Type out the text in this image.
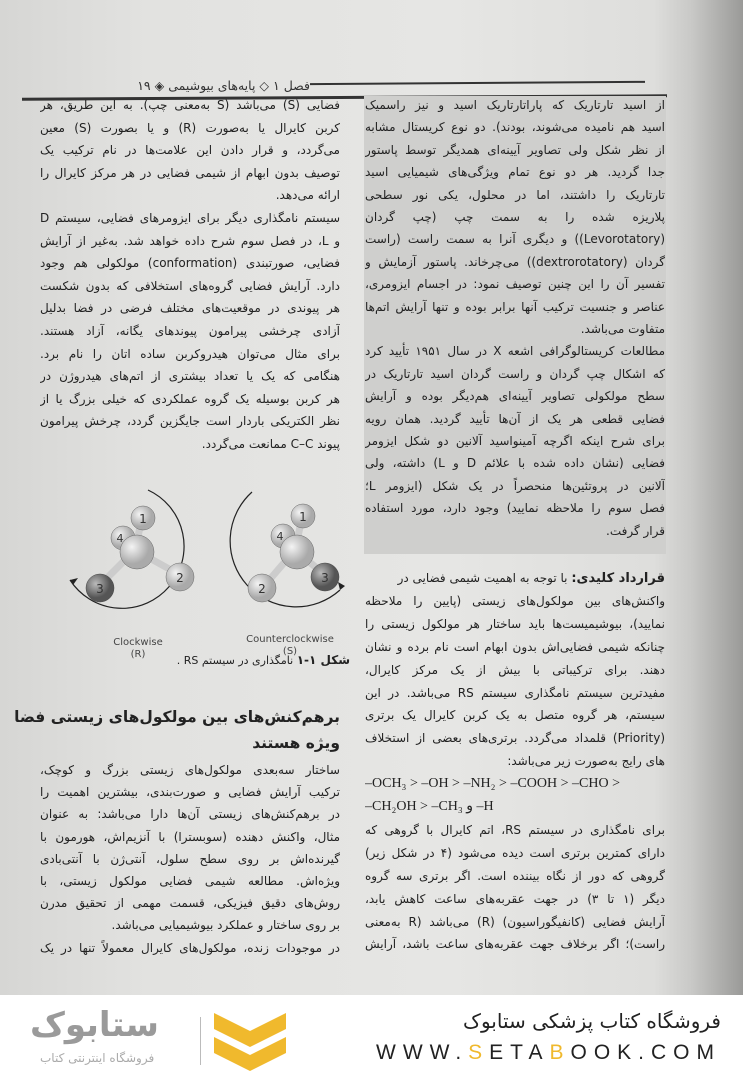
فصل ۱ ◇ پایه‌های بیوشیمی ◈ ۱۹
از اسید تارتاریک که پاراتارتاریک اسید و نیز راسمیک
اسید هم نامیده می‌شوند، بودند). دو نوع کریستال مشابه
از نظر شکل ولی تصاویر آیینه‌ای همدیگر توسط پاستور
جدا گردید. هر دو نوع تمام ویژگی‌های شیمیایی اسید
تارتاریک را داشتند، اما در محلول، یکی نور سطحی
پلاریزه شده را به سمت چپ (چپ گردان
(Levorotatory)) و دیگری آنرا به سمت راست (راست
گردان (dextrorotatory)) می‌چرخاند. پاستور آزمایش و
تفسیر آن را این چنین توصیف نمود: در اجسام ایزومری،
عناصر و جنسیت ترکیب آنها برابر بوده و تنها آرایش اتم‌ها
متفاوت می‌باشد.
مطالعات کریستالوگرافی اشعه X در سال ۱۹۵۱ تأیید کرد
که اشکال چپ گردان و راست گردان اسید تارتاریک در
سطح مولکولی تصاویر آیینه‌ای هم‌دیگر بوده و آرایش
فضایی قطعی هر یک از آن‌ها تأیید گردید. همان رویه
برای شرح اینکه اگرچه آمینواسید آلانین دو شکل ایزومر
فضایی (نشان داده شده با علائم D و L) داشته، ولی
آلانین در پروتئین‌ها منحصراً در یک شکل (ایزومر L؛
فصل سوم را ملاحظه نمایید) وجود دارد، مورد استفاده
قرار گرفت.
قرارداد کلیدی: با توجه به اهمیت شیمی فضایی در
واکنش‌های بین مولکول‌های زیستی (پایین را ملاحظه
نمایید)، بیوشیمیست‌ها باید ساختار هر مولکول زیستی را
چنانکه شیمی فضایی‌اش بدون ابهام است نام برده و نشان
دهند. برای ترکیباتی با بیش از یک مرکز کایرال،
مفیدترین سیستم نامگذاری سیستم RS می‌باشد. در این
سیستم، هر گروه متصل به یک کربن کایرال یک برتری
(Priority) قلمداد می‌گردد. برتری‌های بعضی از استخلاف
های رایج به‌صورت زیر می‌باشد:
–OCH₃ > –OH > –NH₂ > –COOH > –CHO >
–CH₂OH > –CH₃ و –H
برای نامگذاری در سیستم RS، اتم کایرال با گروهی که
دارای کمترین برتری است دیده می‌شود (۴ در شکل زیر)
گروهی که دور از نگاه بیننده است. اگر برتری سه گروه
دیگر (۱ تا ۳) در جهت عقربه‌های ساعت کاهش یابد،
آرایش فضایی (کانفیگوراسیون) (R) می‌باشد (R به‌معنی
راست)؛ اگر برخلاف جهت عقربه‌های ساعت باشد، آرایش
فضایی (S) می‌باشد (S به‌معنی چپ). به این طریق، هر
کربن کایرال یا به‌صورت (R) و یا بصورت (S) معین
می‌گردد، و قرار دادن این علامت‌ها در نام ترکیب یک
توصیف بدون ابهام از شیمی فضایی در هر مرکز کایرال را
ارائه می‌دهد.
سیستم نامگذاری دیگر برای ایزومرهای فضایی، سیستم D
و L، در فصل سوم شرح داده خواهد شد. به‌غیر از آرایش
فضایی، صورتبندی (conformation) مولکولی هم وجود
دارد. آرایش فضایی گروه‌های استخلافی که بدون شکست
هر پیوندی در موقعیت‌های مختلف فرضی در فضا بدلیل
آزادی چرخشی پیرامون پیوندهای یگانه، آزاد هستند.
برای مثال می‌توان هیدروکربن ساده اتان را نام برد.
هنگامی که یک یا تعداد بیشتری از اتم‌های هیدروژن در
هر کربن بوسیله یک گروه عملکردی که خیلی بزرگ یا از
نظر الکتریکی باردار است جایگزین گردد، چرخش پیرامون
پیوند C–C ممانعت می‌گردد.
1
2
3
4
Clockwise
(R)
1
2
3
4
Counterclockwise
(S)
شکل ۱-۱ نامگذاری در سیستم RS .
برهم‌کنش‌های بین مولکول‌های زیستی فضا
ویژه هستند
ساختار سه‌بعدی مولکول‌های زیستی بزرگ و کوچک،
ترکیب آرایش فضایی و صورت‌بندی، بیشترین اهمیت را
در برهم‌کنش‌های زیستی آن‌ها دارا می‌باشد: به عنوان
مثال، واکنش دهنده (سوبسترا) با آنزیم‌اش، هورمون با
گیرنده‌اش بر روی سطح سلول، آنتی‌ژن با آنتی‌بادی
ویژه‌اش. مطالعه شیمی فضایی مولکول زیستی، با
روش‌های دقیق فیزیکی، قسمت مهمی از تحقیق مدرن
بر روی ساختار و عملکرد بیوشیمیایی می‌باشد.
در موجودات زنده، مولکول‌های کایرال معمولاً تنها در یک
ستابوک
فروشگاه اینترنتی کتاب
فروشگاه کتاب پزشکی ستابوک
WWW.SETABOOK.COM
